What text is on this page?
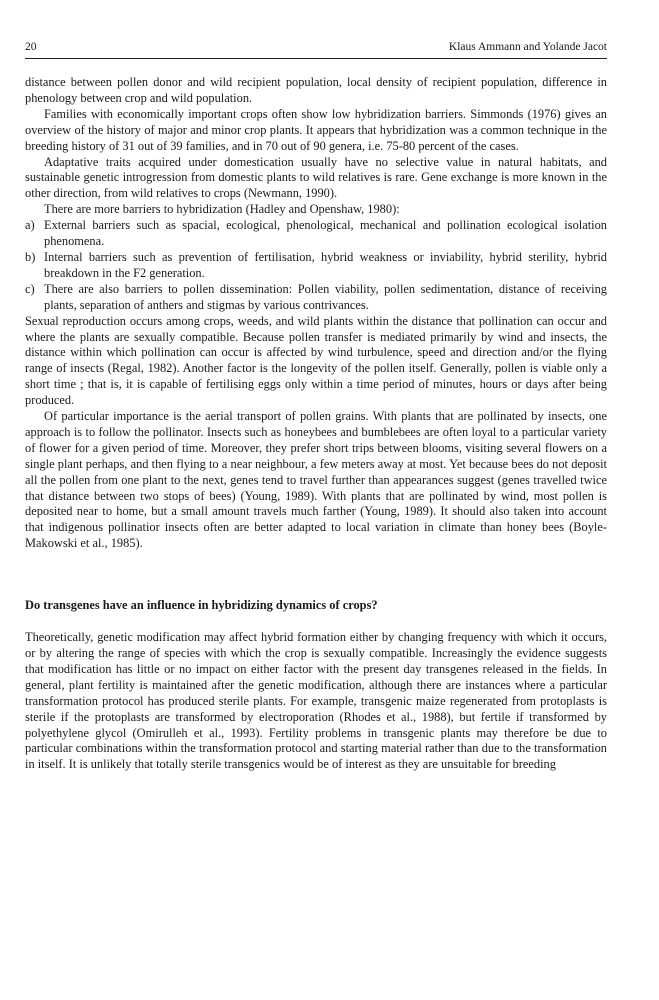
20	Klaus Ammann and Yolande Jacot

distance between pollen donor and wild recipient population, local density of recipient population, difference in phenology between crop and wild population.

Families with economically important crops often show low hybridization barriers. Simmonds (1976) gives an overview of the history of major and minor crop plants. It appears that hybridization was a common technique in the breeding history of 31 out of 39 families, and in 70 out of 90 genera, i.e. 75-80 percent of the cases.

Adaptative traits acquired under domestication usually have no selective value in natural habitats, and sustainable genetic introgression from domestic plants to wild relatives is rare. Gene exchange is more known in the other direction, from wild relatives to crops (Newmann, 1990).

There are more barriers to hybridization (Hadley and Openshaw, 1980):

a) External barriers such as spacial, ecological, phenological, mechanical and pollination ecological isolation phenomena.
b) Internal barriers such as prevention of fertilisation, hybrid weakness or inviability, hybrid sterility, hybrid breakdown in the F2 generation.
c) There are also barriers to pollen dissemination: Pollen viability, pollen sedimentation, distance of receiving plants, separation of anthers and stigmas by various contrivances.

Sexual reproduction occurs among crops, weeds, and wild plants within the distance that pollination can occur and where the plants are sexually compatible. Because pollen transfer is mediated primarily by wind and insects, the distance within which pollination can occur is affected by wind turbulence, speed and direction and/or the flying range of insects (Regal, 1982). Another factor is the longevity of the pollen itself. Generally, pollen is viable only a short time ; that is, it is capable of fertilising eggs only within a time period of minutes, hours or days after being produced.

Of particular importance is the aerial transport of pollen grains. With plants that are pollinated by insects, one approach is to follow the pollinator. Insects such as honeybees and bumblebees are often loyal to a particular variety of flower for a given period of time. Moreover, they prefer short trips between blooms, visiting several flowers on a single plant perhaps, and then flying to a near neighbour, a few meters away at most. Yet because bees do not deposit all the pollen from one plant to the next, genes tend to travel further than appearances suggest (genes travelled twice that distance between two stops of bees) (Young, 1989). With plants that are pollinated by wind, most pollen is deposited near to home, but a small amount travels much farther (Young, 1989). It should also taken into account that indigenous pollinatior insects often are better adapted to local variation in climate than honey bees (Boyle-Makowski et al., 1985).

Do transgenes have an influence in hybridizing dynamics of crops?

Theoretically, genetic modification may affect hybrid formation either by changing frequency with which it occurs, or by altering the range of species with which the crop is sexually compatible. Increasingly the evidence suggests that modification has little or no impact on either factor with the present day transgenes released in the fields. In general, plant fertility is maintained after the genetic modification, although there are instances where a particular transformation protocol has produced sterile plants. For example, transgenic maize regenerated from protoplasts is sterile if the protoplasts are transformed by electroporation (Rhodes et al., 1988), but fertile if transformed by polyethylene glycol (Omirulleh et al., 1993). Fertility problems in transgenic plants may therefore be due to particular combinations within the transformation protocol and starting material rather than due to the transformation in itself. It is unlikely that totally sterile transgenics would be of interest as they are unsuitable for breeding
